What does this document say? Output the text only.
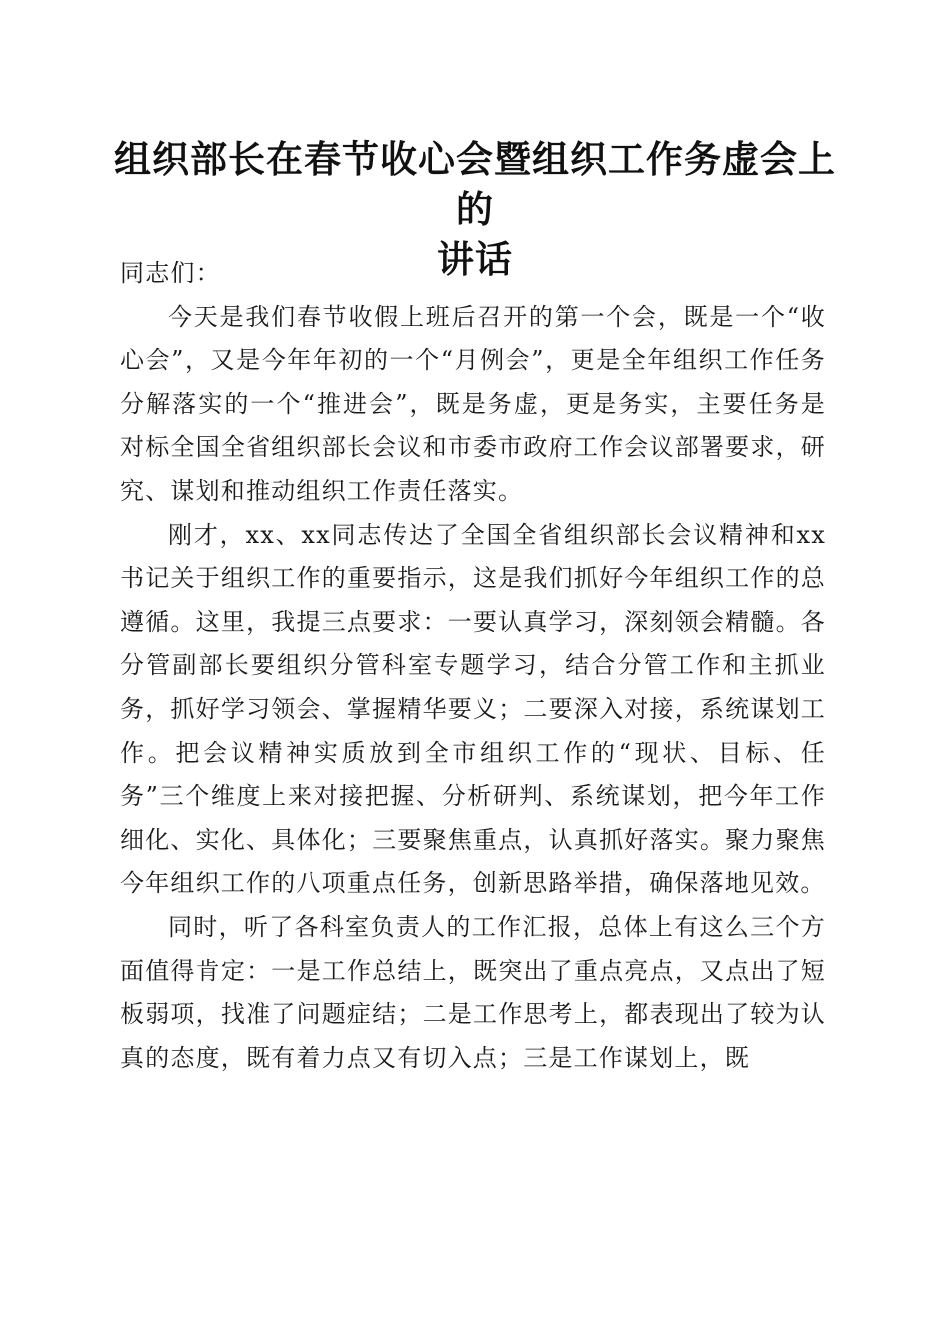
组织部长在春节收心会暨组织工作务虚会上的
讲话

同志们：

今天是我们春节收假上班后召开的第一个会，既是一个“收心会”，又是今年年初的一个“月例会”，更是全年组织工作任务分解落实的一个“推进会”，既是务虚，更是务实，主要任务是对标全国全省组织部长会议和市委市政府工作会议部署要求，研究、谋划和推动组织工作责任落实。

刚才，xx、xx同志传达了全国全省组织部长会议精神和xx书记关于组织工作的重要指示，这是我们抓好今年组织工作的总遵循。这里，我提三点要求：一要认真学习，深刻领会精髓。各分管副部长要组织分管科室专题学习，结合分管工作和主抓业务，抓好学习领会、掌握精华要义；二要深入对接，系统谋划工作。把会议精神实质放到全市组织工作的“现状、目标、任务”三个维度上来对接把握、分析研判、系统谋划，把今年工作细化、实化、具体化；三要聚焦重点，认真抓好落实。聚力聚焦今年组织工作的八项重点任务，创新思路举措，确保落地见效。

同时，听了各科室负责人的工作汇报，总体上有这么三个方面值得肯定：一是工作总结上，既突出了重点亮点，又点出了短板弱项，找准了问题症结；二是工作思考上，都表现出了较为认真的态度，既有着力点又有切入点；三是工作谋划上，既
